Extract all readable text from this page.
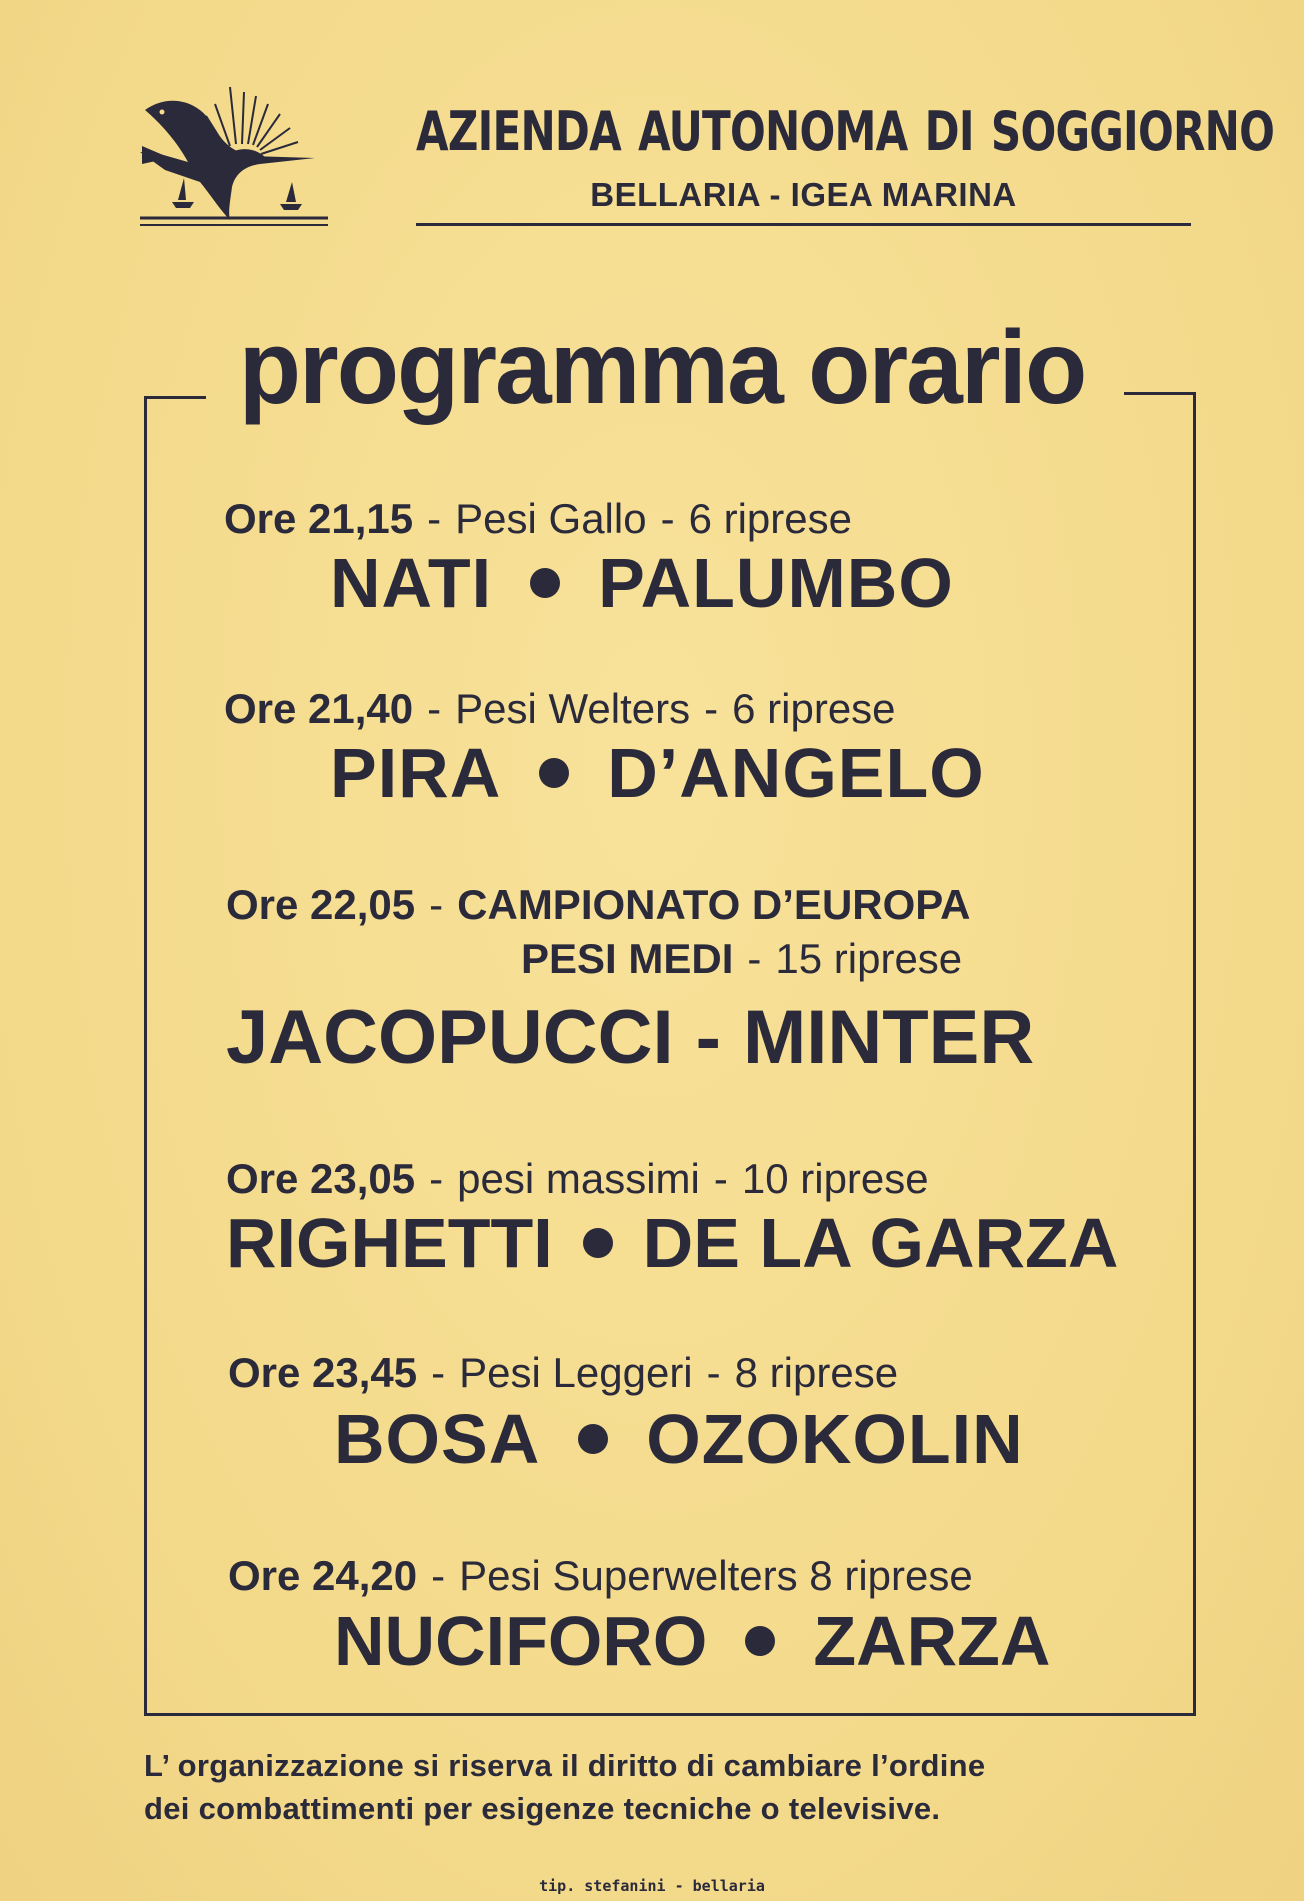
AZIENDA AUTONOMA DI SOGGIORNO
BELLARIA - IGEA MARINA
programma orario
Ore 21,15 - Pesi Gallo - 6 riprese
NATI PALUMBO
Ore 21,40 - Pesi Welters - 6 riprese
PIRA D’ANGELO
Ore 22,05 - CAMPIONATO D’EUROPA
PESI MEDI - 15 riprese
JACOPUCCI - MINTER
Ore 23,05 - pesi massimi - 10 riprese
RIGHETTI DE LA GARZA
Ore 23,45 - Pesi Leggeri - 8 riprese
BOSA OZOKOLIN
Ore 24,20 - Pesi Superwelters 8 riprese
NUCIFORO ZARZA
L’ organizzazione si riserva il diritto di cambiare l’ordine
dei combattimenti per esigenze tecniche o televisive.
tip. stefanini - bellaria
